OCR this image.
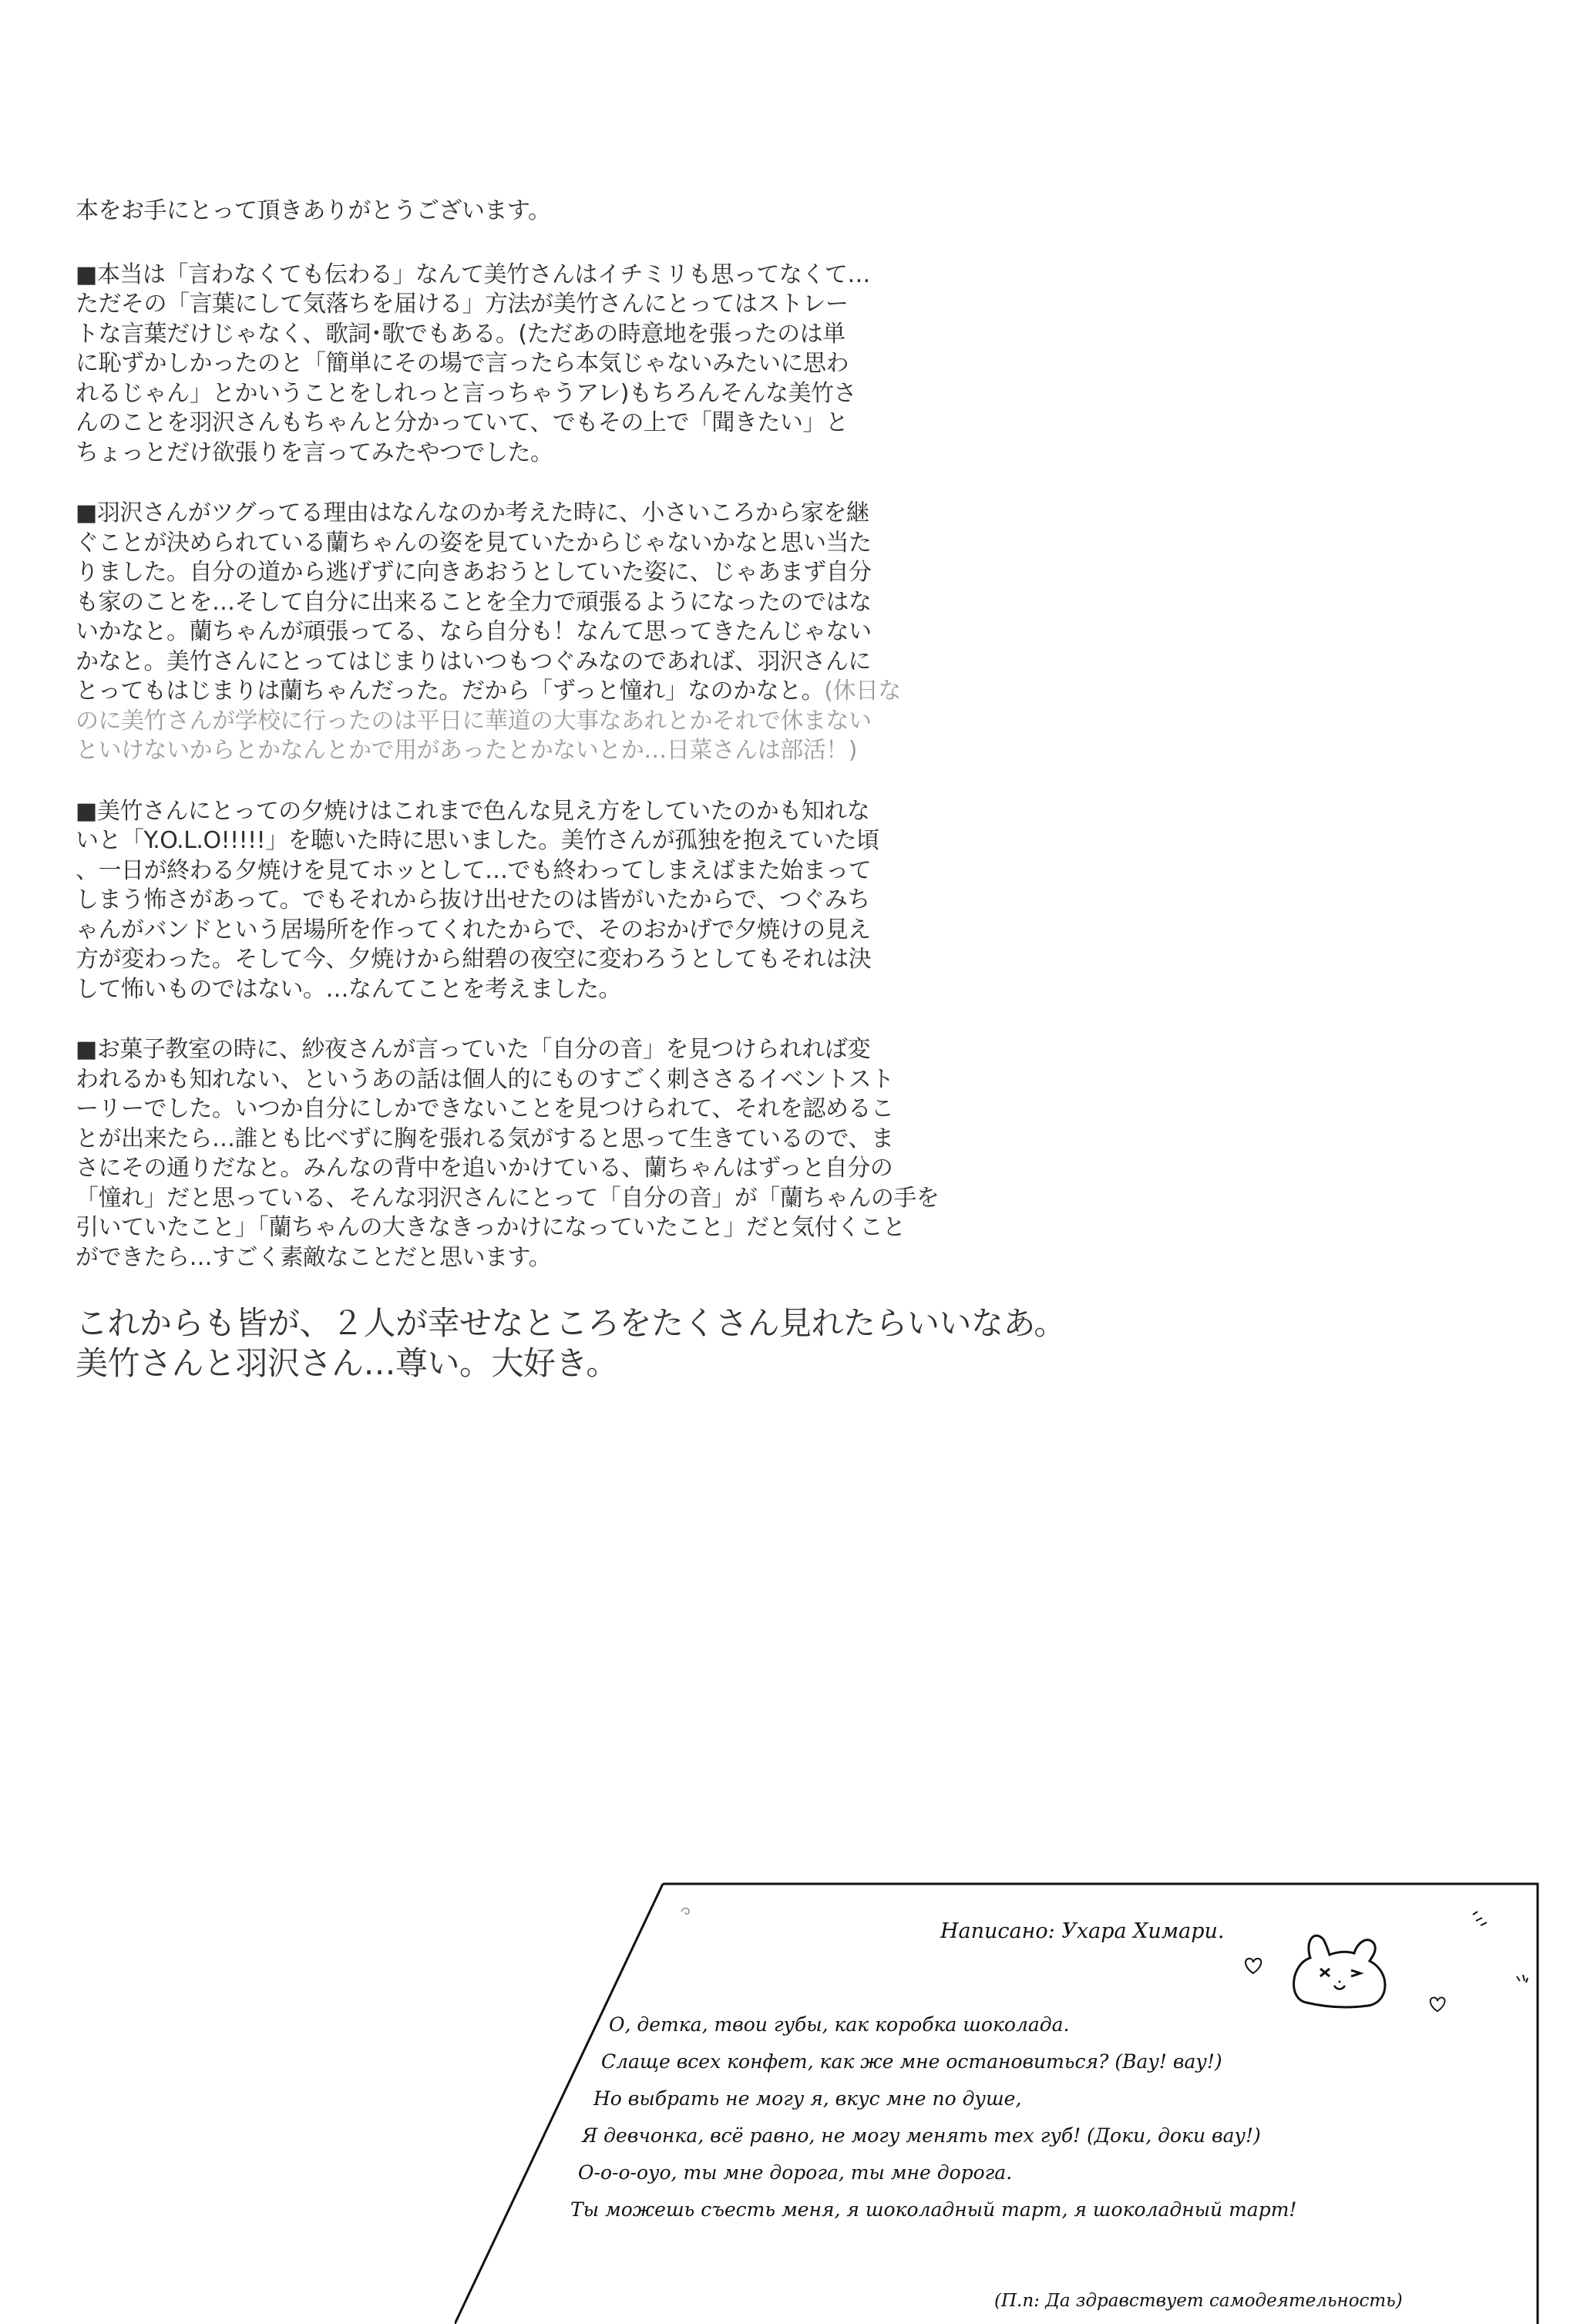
本をお手にとって頂きありがとうございます。

■本当は「言わなくても伝わる」なんて美竹さんはイチミリも思ってなくて…
ただその「言葉にして気落ちを届ける」方法が美竹さんにとってはストレー
トな言葉だけじゃなく、歌詞･歌でもある。(ただあの時意地を張ったのは単
に恥ずかしかったのと「簡単にその場で言ったら本気じゃないみたいに思わ
れるじゃん」とかいうことをしれっと言っちゃうアレ)もちろんそんな美竹さ
んのことを羽沢さんもちゃんと分かっていて、でもその上で「聞きたい」と
ちょっとだけ欲張りを言ってみたやつでした。

■羽沢さんがツグってる理由はなんなのか考えた時に、小さいころから家を継
ぐことが決められている蘭ちゃんの姿を見ていたからじゃないかなと思い当た
りました。自分の道から逃げずに向きあおうとしていた姿に、じゃあまず自分
も家のことを…そして自分に出来ることを全力で頑張るようになったのではな
いかなと。蘭ちゃんが頑張ってる、なら自分も！なんて思ってきたんじゃない
かなと。美竹さんにとってはじまりはいつもつぐみなのであれば、羽沢さんに
とってもはじまりは蘭ちゃんだった。だから「ずっと憧れ」なのかなと。(休日な
のに美竹さんが学校に行ったのは平日に華道の大事なあれとかそれで休まない
といけないからとかなんとかで用があったとかないとか…日菜さんは部活！)

■美竹さんにとっての夕焼けはこれまで色んな見え方をしていたのかも知れな
いと「Y.O.L.O!!!!!」を聴いた時に思いました。美竹さんが孤独を抱えていた頃
、一日が終わる夕焼けを見てホッとして…でも終わってしまえばまた始まって
しまう怖さがあって。でもそれから抜け出せたのは皆がいたからで、つぐみち
ゃんがバンドという居場所を作ってくれたからで、そのおかげで夕焼けの見え
方が変わった。そして今、夕焼けから紺碧の夜空に変わろうとしてもそれは決
して怖いものではない。…なんてことを考えました。

■お菓子教室の時に、紗夜さんが言っていた「自分の音」を見つけられれば変
われるかも知れない、というあの話は個人的にものすごく刺ささるイベントスト
ーリーでした。いつか自分にしかできないことを見つけられて、それを認めるこ
とが出来たら…誰とも比べずに胸を張れる気がすると思って生きているので、ま
さにその通りだなと。みんなの背中を追いかけている、蘭ちゃんはずっと自分の
「憧れ」だと思っている、そんな羽沢さんにとって「自分の音」が「蘭ちゃんの手を
引いていたこと」「蘭ちゃんの大きなきっかけになっていたこと」だと気付くこと
ができたら…すごく素敵なことだと思います。

これからも皆が、２人が幸せなところをたくさん見れたらいいなあ。
美竹さんと羽沢さん…尊い。大好き。
Написано: Ухара Химари.
О, детка, твои губы, как коробка шоколада.
Слаще всех конфет, как же мне остановиться? (Вау! вау!)
Но выбрать не могу я, вкус мне по душе,
Я девчонка, всё равно, не могу менять тех губ! (Доки, доки вау!)
О-о-о-оуо, ты мне дорога, ты мне дорога.
Ты можешь съесть меня, я шоколадный тарт, я шоколадный тарт!
(П.п: Да здравствует самодеятельность)
